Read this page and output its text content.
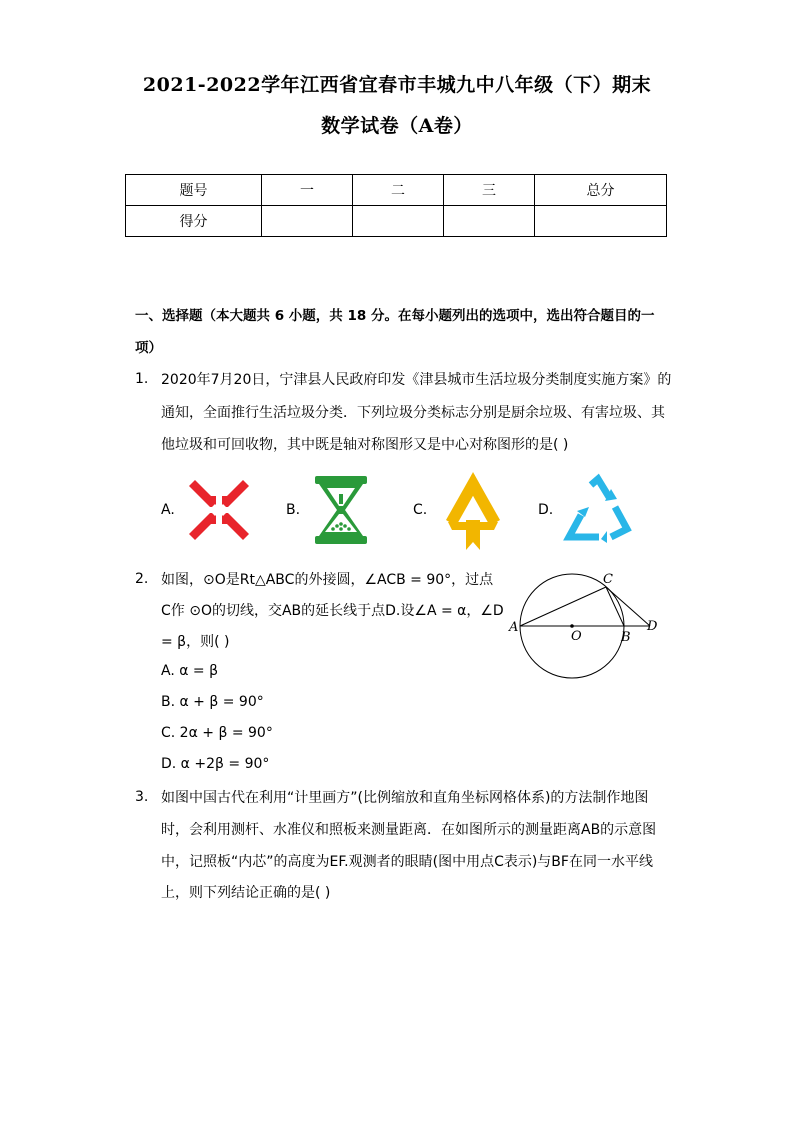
2021-2022学年江西省宜春市丰城九中八年级（下）期末
数学试卷（A卷）
题号	一	二	三	总分
得分				
一、选择题（本大题共 6 小题，共 18 分。在每小题列出的选项中，选出符合题目的一
项）
1. 2020年7月20日，宁津县人民政府印发《津县城市生活垃圾分类制度实施方案》的
通知，全面推行生活垃圾分类．下列垃圾分类标志分别是厨余垃圾、有害垃圾、其
他垃圾和可回收物，其中既是轴对称图形又是中心对称图形的是( )
A.	B.	C.	D.
2. 如图，⊙O是Rt△ABC的外接圆，∠ACB = 90°，过点
C作 ⊙O的切线，交AB的延长线于点D.设∠A = α，∠D
= β，则( )
A. α = β
B. α + β = 90°
C. 2α + β = 90°
D. α +2β = 90°
A
B
C
D
O
3. 如图中国古代在利用“计里画方”(比例缩放和直角坐标网格体系)的方法制作地图
时，会利用测杆、水准仪和照板来测量距离．在如图所示的测量距离AB的示意图
中，记照板“内芯”的高度为EF.观测者的眼睛(图中用点C表示)与BF在同一水平线
上，则下列结论正确的是( )
